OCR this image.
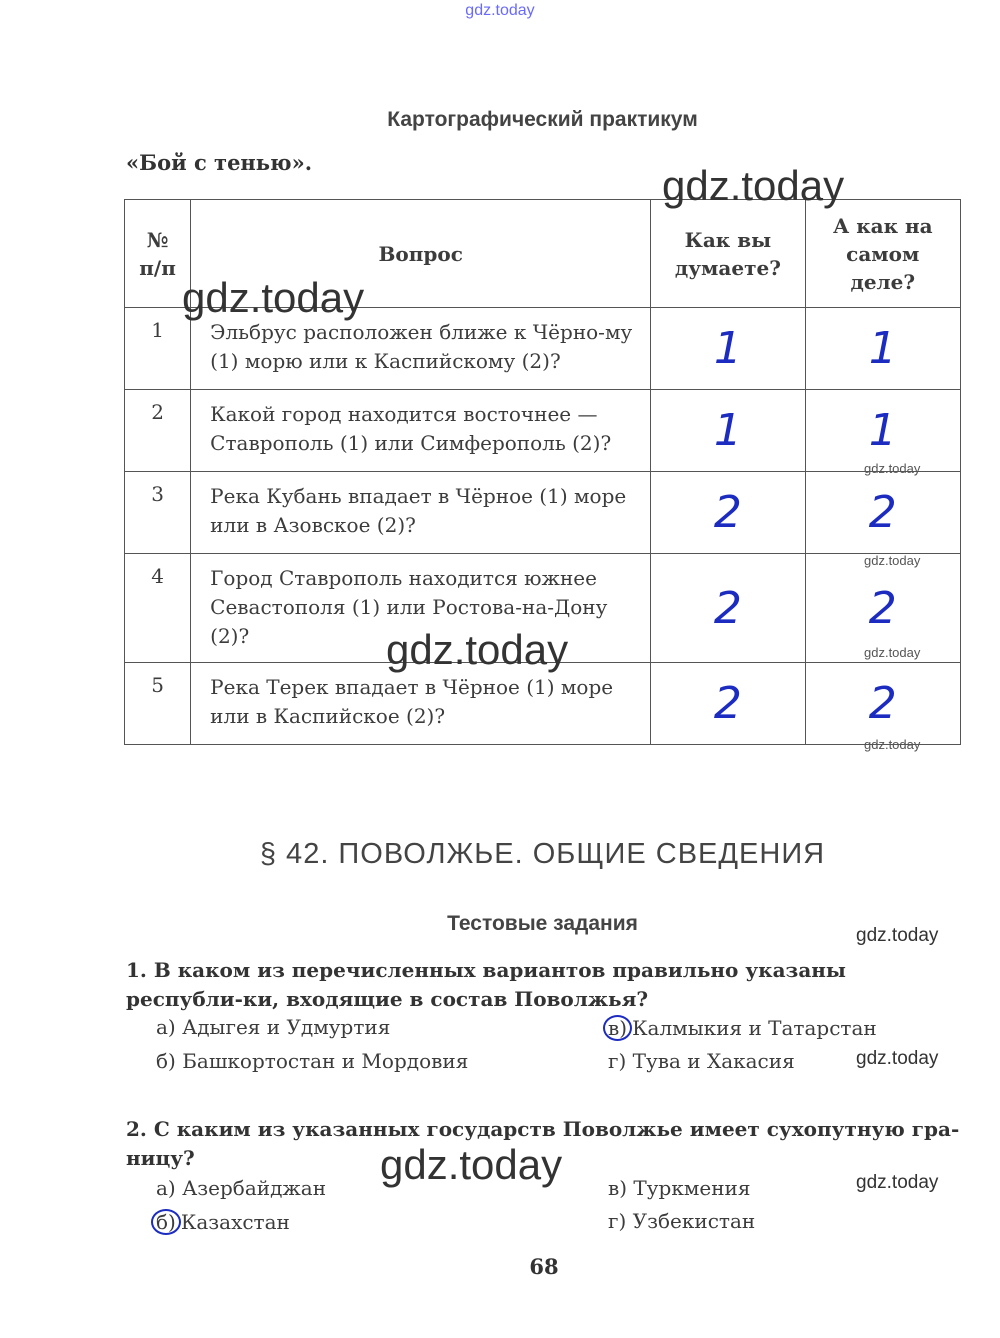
gdz.today
Картографический практикум
«Бой с тенью».
№ п/п	Вопрос	Как вы думаете?	А как на самом деле?
1	Эльбрус расположен ближе к Чёрно-му (1) морю или к Каспийскому (2)?	1	1
2	Какой город находится восточнее — Ставрополь (1) или Симферополь (2)?	1	1
3	Река Кубань впадает в Чёрное (1) море или в Азовское (2)?	2	2
4	Город Ставрополь находится южнее Севастополя (1) или Ростова-на-Дону (2)?	2	2
5	Река Терек впадает в Чёрное (1) море или в Каспийское (2)?	2	2
gdz.today
gdz.today
gdz.today
gdz.today
gdz.today
gdz.today
gdz.today
§ 42. ПОВОЛЖЬЕ. ОБЩИЕ СВЕДЕНИЯ
Тестовые задания
gdz.today
1. В каком из перечисленных вариантов правильно указаны республи-ки, входящие в состав Поволжья?
а) Адыгея и Удмуртия
б) Башкортостан и Мордовия
в) Калмыкия и Татарстан
г) Тува и Хакасия	gdz.today
2. С каким из указанных государств Поволжье имеет сухопутную гра-ницу?	gdz.today
а) Азербайджан
б) Казахстан
в) Туркмения
г) Узбекистан
gdz.today
68
